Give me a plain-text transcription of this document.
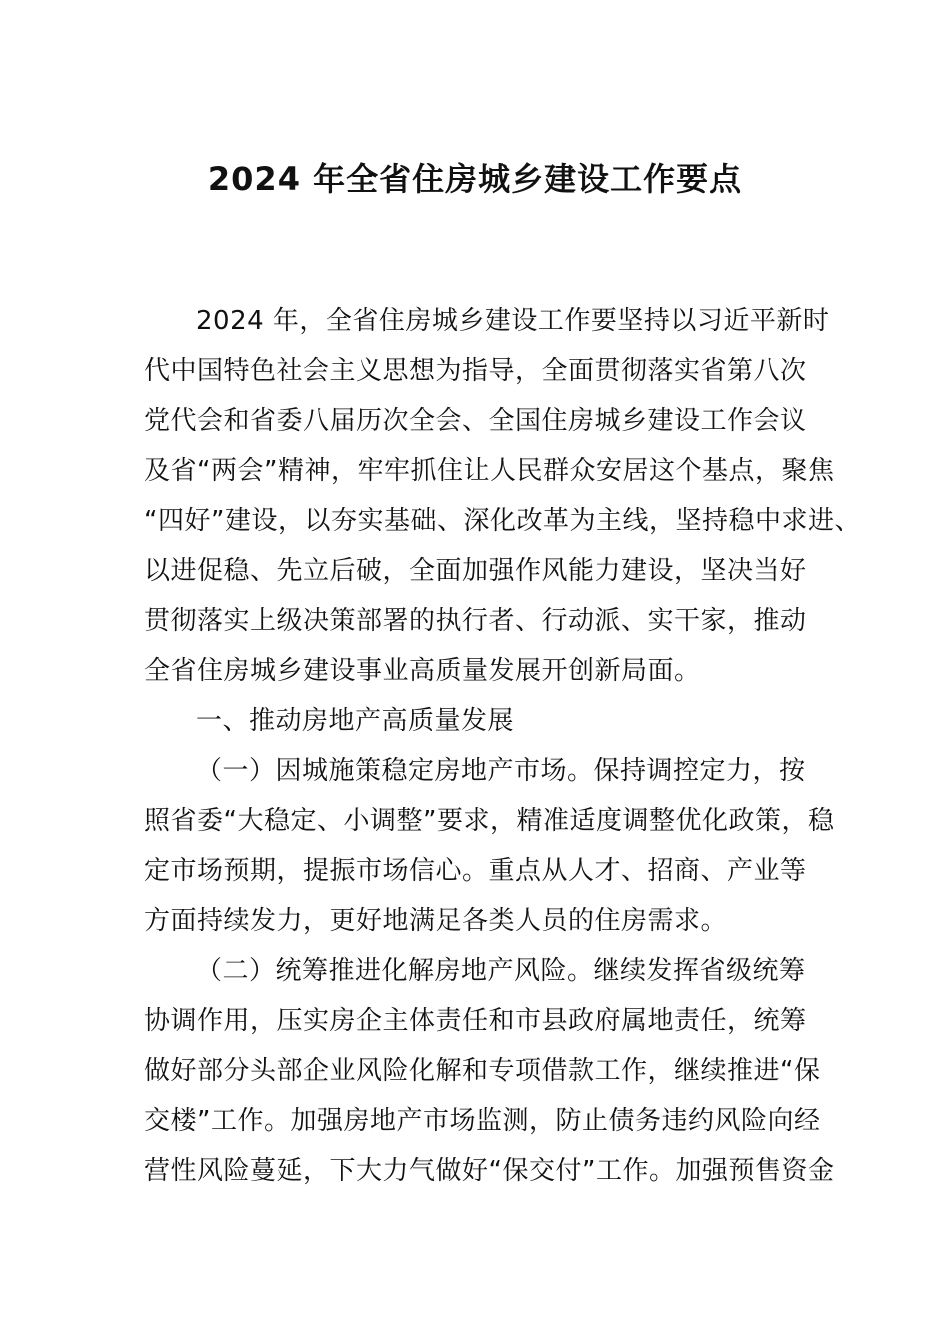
2024 年全省住房城乡建设工作要点
2024 年，全省住房城乡建设工作要坚持以习近平新时
代中国特色社会主义思想为指导，全面贯彻落实省第八次
党代会和省委八届历次全会、全国住房城乡建设工作会议
及省“两会”精神，牢牢抓住让人民群众安居这个基点，聚焦
“四好”建设，以夯实基础、深化改革为主线，坚持稳中求进、
以进促稳、先立后破，全面加强作风能力建设，坚决当好
贯彻落实上级决策部署的执行者、行动派、实干家，推动
全省住房城乡建设事业高质量发展开创新局面。
一、推动房地产高质量发展
（一）因城施策稳定房地产市场。保持调控定力，按
照省委“大稳定、小调整”要求，精准适度调整优化政策，稳
定市场预期，提振市场信心。重点从人才、招商、产业等
方面持续发力，更好地满足各类人员的住房需求。
（二）统筹推进化解房地产风险。继续发挥省级统筹
协调作用，压实房企主体责任和市县政府属地责任，统筹
做好部分头部企业风险化解和专项借款工作，继续推进“保
交楼”工作。加强房地产市场监测，防止债务违约风险向经
营性风险蔓延，下大力气做好“保交付”工作。加强预售资金
